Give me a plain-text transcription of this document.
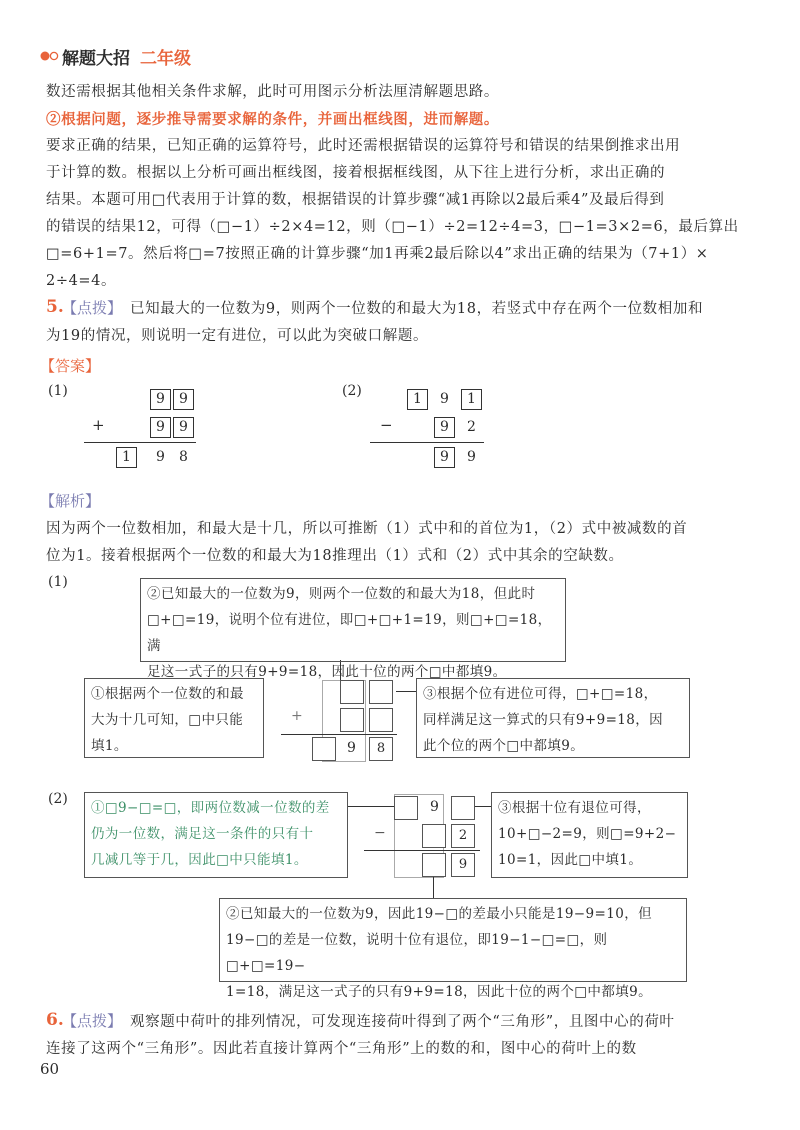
解题大招 二年级
数还需根据其他相关条件求解，此时可用图示分析法厘清解题思路。
②根据问题，逐步推导需要求解的条件，并画出框线图，进而解题。
要求正确的结果，已知正确的运算符号，此时还需根据错误的运算符号和错误的结果倒推求出用
于计算的数。根据以上分析可画出框线图，接着根据框线图，从下往上进行分析，求出正确的
结果。本题可用□代表用于计算的数，根据错误的计算步骤“减1再除以2最后乘4”及最后得到
的错误的结果12，可得（□−1）÷2×4=12，则（□−1）÷2=12÷4=3，□−1=3×2=6，最后算出
□=6+1=7。然后将□=7按照正确的计算步骤“加1再乘2最后除以4”求出正确的结果为（7+1）×
2÷4=4。
5.
【点拨】 已知最大的一位数为9，则两个一位数的和最大为18，若竖式中存在两个一位数相加和
为19的情况，则说明一定有进位，可以此为突破口解题。
【答案】
(1)	9	9
+	9	9
1	9	8
(2)	1	9	1
−	9	2
9	9
【解析】
因为两个一位数相加，和最大是十几，所以可推断（1）式中和的首位为1，（2）式中被减数的首
位为1。接着根据两个一位数的和最大为18推理出（1）式和（2）式中其余的空缺数。
(1)
②已知最大的一位数为9，则两个一位数的和最大为18，但此时
□+□=19，说明个位有进位，即□+□+1=19，则□+□=18，满
足这一式子的只有9+9=18，因此十位的两个□中都填9。
①根据两个一位数的和最
大为十几可知，□中只能
填1。
③根据个位有进位可得，□+□=18，
同样满足这一算式的只有9+9=18，因
此个位的两个□中都填9。
+
9	8
(2)
①□9−□=□，即两位数减一位数的差
仍为一位数，满足这一条件的只有十
几减几等于几，因此□中只能填1。
9
−	2
9
③根据十位有退位可得，
10+□−2=9，则□=9+2−
10=1，因此□中填1。
②已知最大的一位数为9，因此19−□的差最小只能是19−9=10，但
19−□的差是一位数，说明十位有退位，即19−1−□=□，则□+□=19−
1=18，满足这一式子的只有9+9=18，因此十位的两个□中都填9。
6.
【点拨】 观察题中荷叶的排列情况，可发现连接荷叶得到了两个“三角形”，且图中心的荷叶
连接了这两个“三角形”。因此若直接计算两个“三角形”上的数的和，图中心的荷叶上的数
60
